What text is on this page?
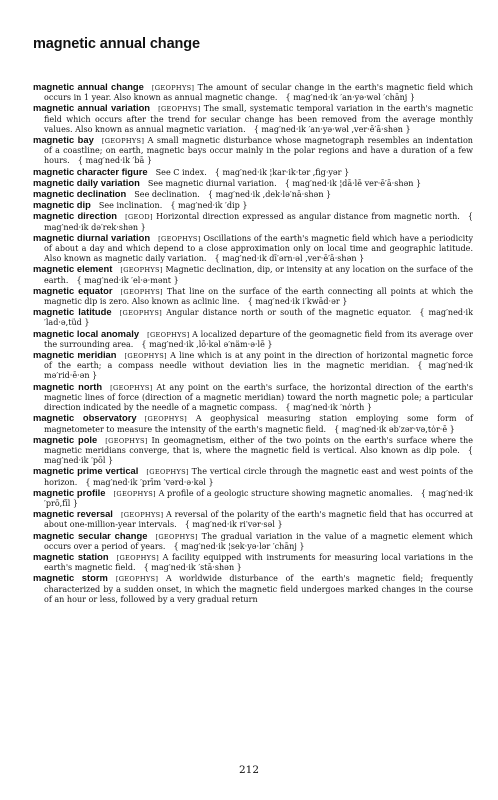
magnetic annual change

magnetic annual change  [GEOPHYS] The amount of secular change in the earth's magnetic field which occurs in 1 year. Also known as annual magnetic change.  { mag′ned·ik ′an·yə·wəl ′chānj }

magnetic annual variation  [GEOPHYS] The small, systematic temporal variation in the earth's magnetic field which occurs after the trend for secular change has been removed from the average monthly values. Also known as annual magnetic variation.  { mag′ned·ik ′an·yə·wəl ,ver·ē′ā·shən }

magnetic bay  [GEOPHYS] A small magnetic disturbance whose magnetograph resembles an indentation of a coastline; on earth, magnetic bays occur mainly in the polar regions and have a duration of a few hours.  { mag′ned·ik ′bā }

magnetic character figure  See C index.  { mag′ned·ik ¦kar·ik·tər ,fig·yər }

magnetic daily variation  See magnetic diurnal variation.  { mag′ned·ik ¦dā·lē ver·ē′ā·shən }

magnetic declination  See declination.  { mag′ned·ik ,dek·lə′nā·shən }

magnetic dip  See inclination.  { mag′ned·ik ′dip }

magnetic direction  [GEOD] Horizontal direction expressed as angular distance from magnetic north.  { mag′ned·ik də′rek·shən }

magnetic diurnal variation  [GEOPHYS] Oscillations of the earth's magnetic field which have a periodicity of about a day and which depend to a close approximation only on local time and geographic latitude. Also known as magnetic daily variation.  { mag′ned·ik dī′ərn·əl ,ver·ē′ā·shən }

magnetic element  [GEOPHYS] Magnetic declination, dip, or intensity at any location on the surface of the earth.  { mag′ned·ik ′el·ə·mənt }

magnetic equator  [GEOPHYS] That line on the surface of the earth connecting all points at which the magnetic dip is zero. Also known as aclinic line.  { mag′ned·ik i′kwād·ər }

magnetic latitude  [GEOPHYS] Angular distance north or south of the magnetic equator.  { mag′ned·ik ′lad·ə,tüd }

magnetic local anomaly  [GEOPHYS] A localized departure of the geomagnetic field from its average over the surrounding area.  { mag′ned·ik ,lō·kəl ə′näm·ə·lē }

magnetic meridian  [GEOPHYS] A line which is at any point in the direction of horizontal magnetic force of the earth; a compass needle without deviation lies in the magnetic meridian.  { mag′ned·ik mə′rid·ē·ən }

magnetic north  [GEOPHYS] At any point on the earth's surface, the horizontal direction of the earth's magnetic lines of force (direction of a magnetic meridian) toward the north magnetic pole; a particular direction indicated by the needle of a magnetic compass.  { mag′ned·ik ′nȯrth }

magnetic observatory  [GEOPHYS] A geophysical measuring station employing some form of magnetometer to measure the intensity of the earth's magnetic field.  { mag′ned·ik əb′zər·və,tȯr·ē }

magnetic pole  [GEOPHYS] In geomagnetism, either of the two points on the earth's surface where the magnetic meridians converge, that is, where the magnetic field is vertical. Also known as dip pole.  { mag′ned·ik ′pōl }

magnetic prime vertical  [GEOPHYS] The vertical circle through the magnetic east and west points of the horizon.  { mag′ned·ik ′prīm ′vərd·ə·kəl }

magnetic profile  [GEOPHYS] A profile of a geologic structure showing magnetic anomalies.  { mag′ned·ik ′prō,fīl }

magnetic reversal  [GEOPHYS] A reversal of the polarity of the earth's magnetic field that has occurred at about one-million-year intervals.  { mag′ned·ik ri′vər·səl }

magnetic secular change  [GEOPHYS] The gradual variation in the value of a magnetic element which occurs over a period of years.  { mag′ned·ik ¦sek·yə·lər ′chānj }

magnetic station  [GEOPHYS] A facility equipped with instruments for measuring local variations in the earth's magnetic field.  { mag′ned·ik ′stā·shən }

magnetic storm  [GEOPHYS] A worldwide disturbance of the earth's magnetic field; frequently characterized by a sudden onset, in which the magnetic field undergoes marked changes in the course of an hour or less, followed by a very gradual return

212
